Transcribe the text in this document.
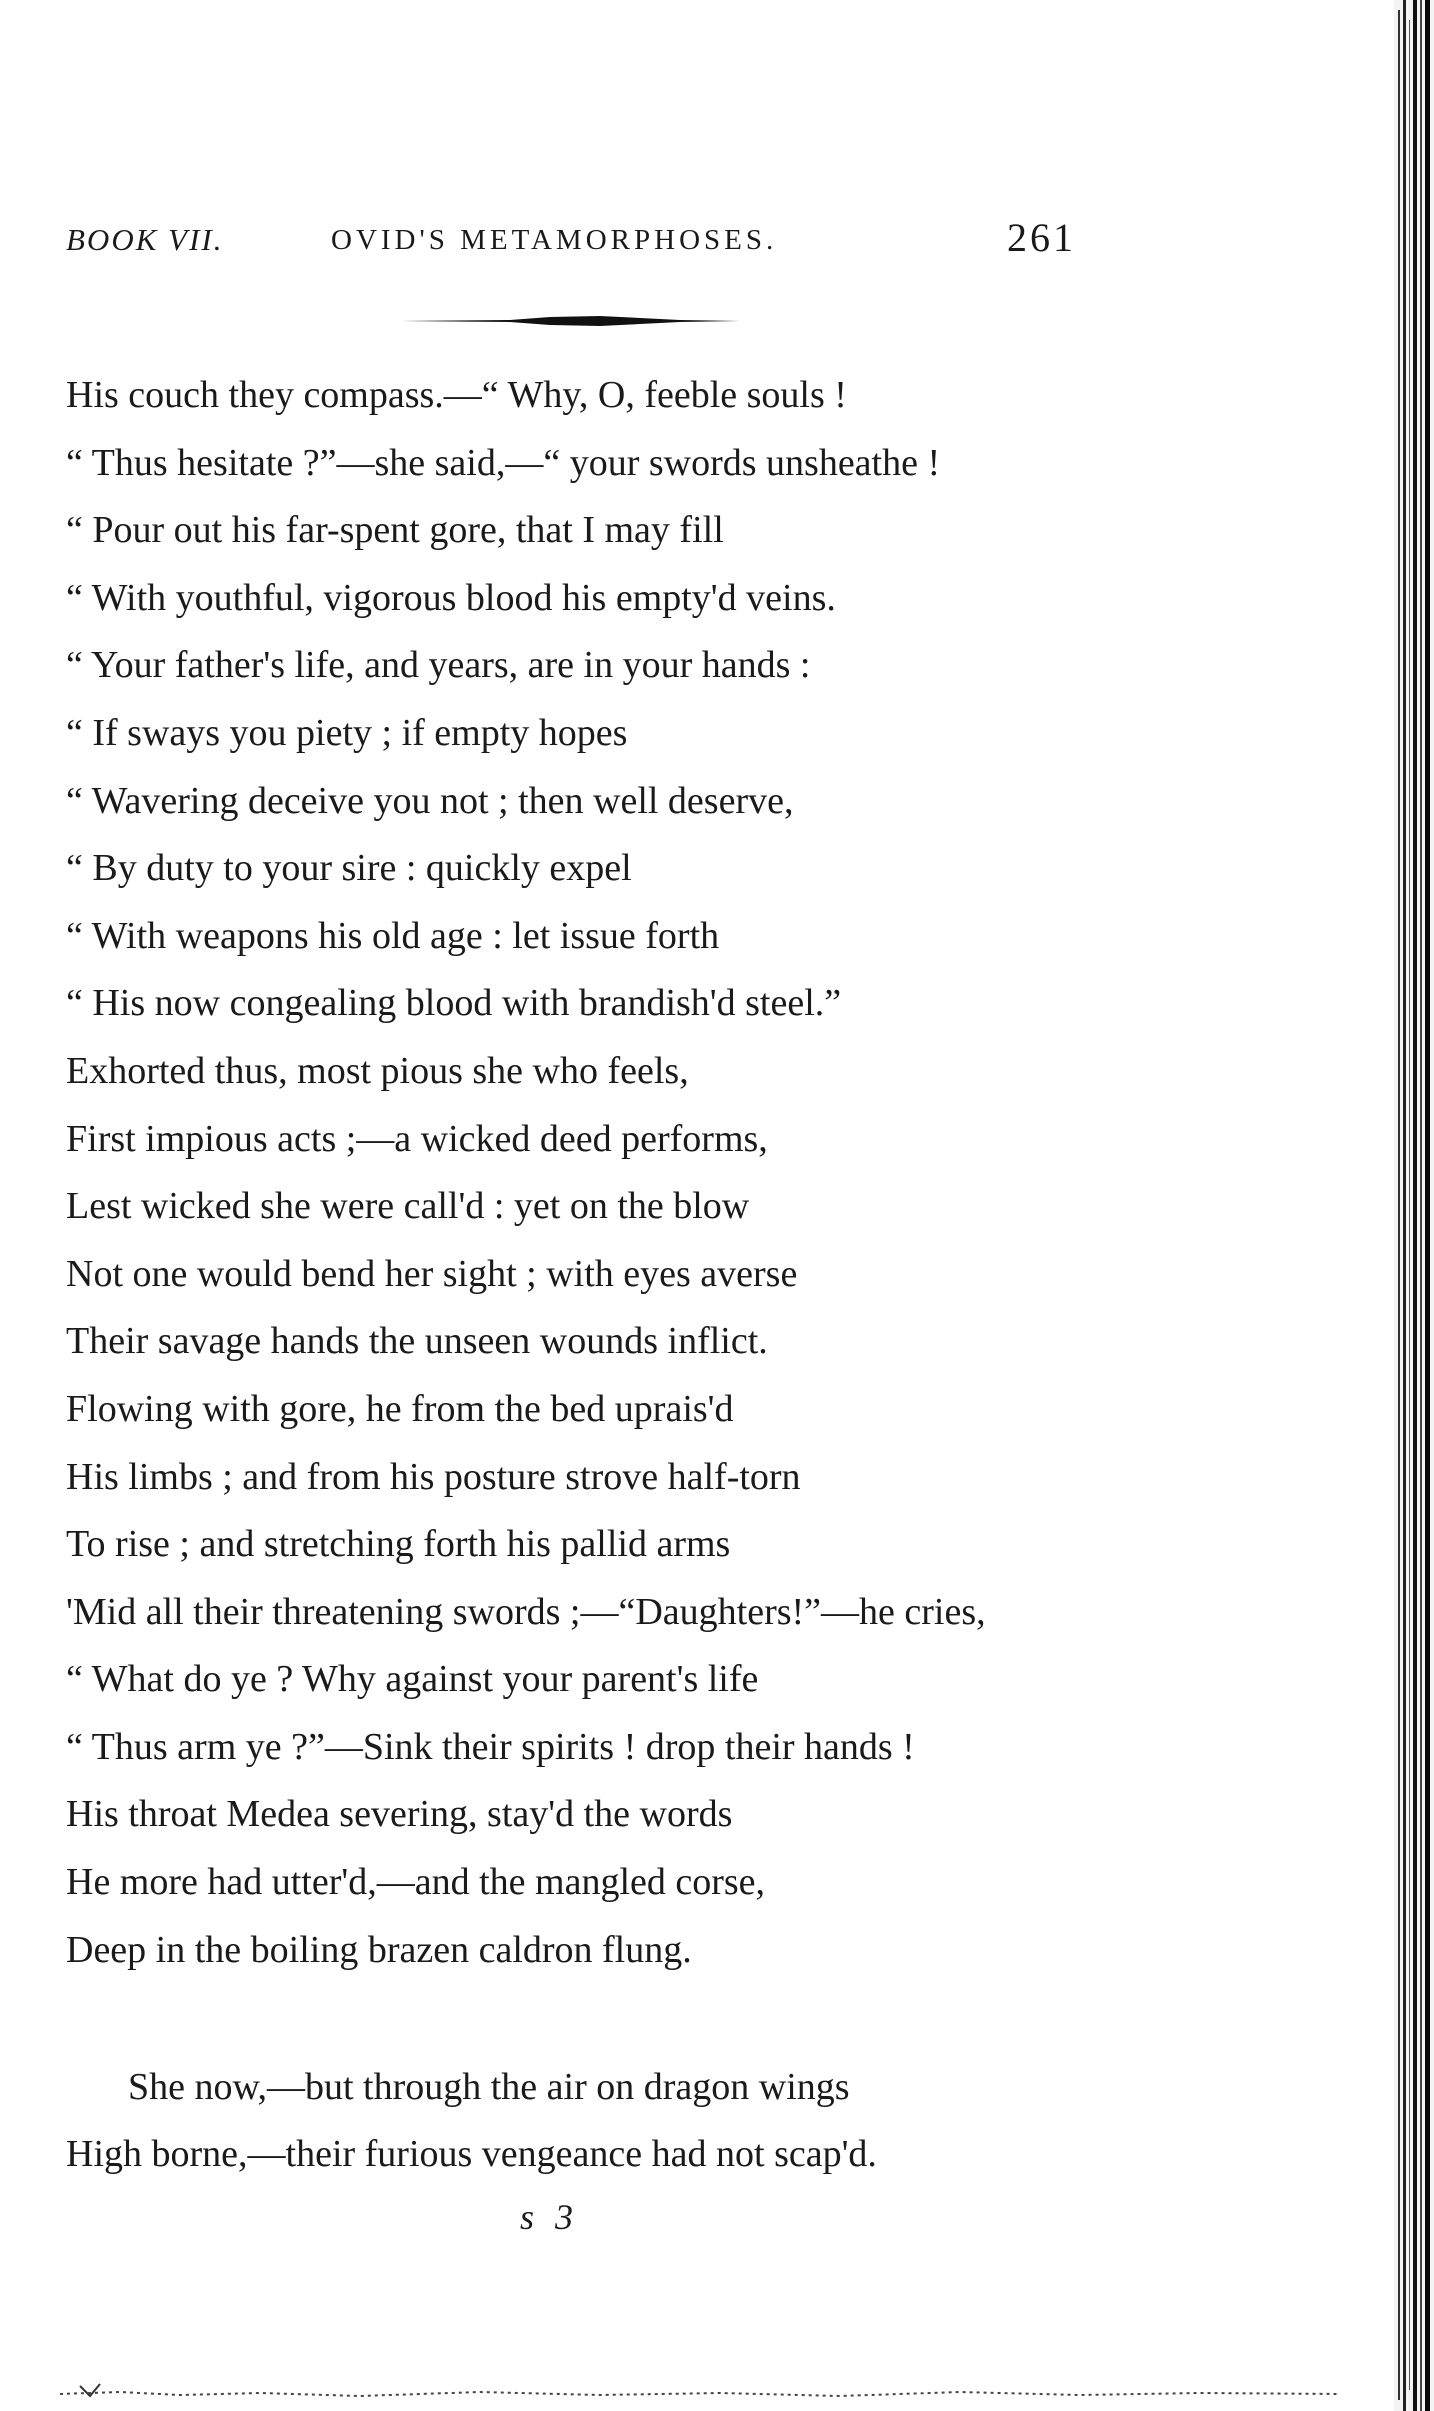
BOOK VII.	OVID'S METAMORPHOSES.	261
His couch they compass.—“ Why, O, feeble souls !
“ Thus hesitate ?”—she said,—“ your swords unsheathe !
“ Pour out his far-spent gore, that I may fill
“ With youthful, vigorous blood his empty'd veins.
“ Your father's life, and years, are in your hands :
“ If sways you piety ; if empty hopes
“ Wavering deceive you not ; then well deserve,
“ By duty to your sire : quickly expel
“ With weapons his old age : let issue forth
“ His now congealing blood with brandish'd steel.”
Exhorted thus, most pious she who feels,
First impious acts ;—a wicked deed performs,
Lest wicked she were call'd : yet on the blow
Not one would bend her sight ; with eyes averse
Their savage hands the unseen wounds inflict.
Flowing with gore, he from the bed uprais'd
His limbs ; and from his posture strove half-torn
To rise ; and stretching forth his pallid arms
'Mid all their threatening swords ;—“Daughters!”—he cries,
“ What do ye ? Why against your parent's life
“ Thus arm ye ?”—Sink their spirits ! drop their hands !
His throat Medea severing, stay'd the words
He more had utter'd,—and the mangled corse,
Deep in the boiling brazen caldron flung.
She now,—but through the air on dragon wings
High borne,—their furious vengeance had not scap'd.
s 3
